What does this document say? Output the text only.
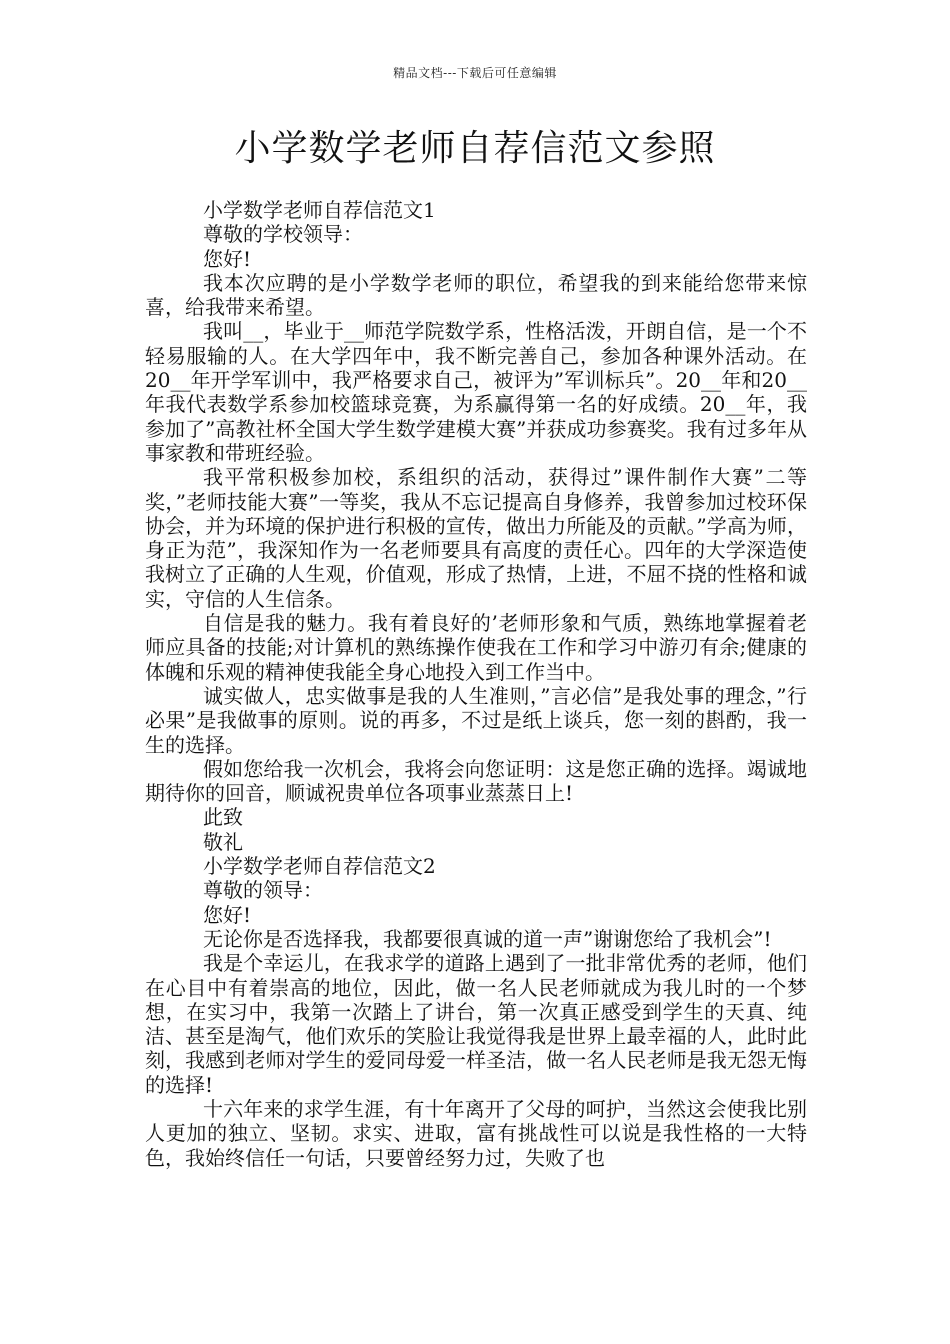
精品文档---下载后可任意编辑
小学数学老师自荐信范文参照

小学数学老师自荐信范文1

尊敬的学校领导：

您好!

我本次应聘的是小学数学老师的职位，希望我的到来能给您带来惊喜，给我带来希望。

我叫__，毕业于__师范学院数学系，性格活泼，开朗自信，是一个不轻易服输的人。在大学四年中，我不断完善自己，参加各种课外活动。在20__年开学军训中，我严格要求自己，被评为”军训标兵”。20__年和20__年我代表数学系参加校篮球竞赛，为系赢得第一名的好成绩。20__年，我参加了”高教社杯全国大学生数学建模大赛”并获成功参赛奖。我有过多年从事家教和带班经验。

我平常积极参加校，系组织的活动，获得过”课件制作大赛”二等奖，”老师技能大赛”一等奖，我从不忘记提高自身修养，我曾参加过校环保协会，并为环境的保护进行积极的宣传，做出力所能及的贡献。”学高为师，身正为范”，我深知作为一名老师要具有高度的责任心。四年的大学深造使我树立了正确的人生观，价值观，形成了热情，上进，不屈不挠的性格和诚实，守信的人生信条。

自信是我的魅力。我有着良好的’老师形象和气质，熟练地掌握着老师应具备的技能;对计算机的熟练操作使我在工作和学习中游刃有余;健康的体魄和乐观的精神使我能全身心地投入到工作当中。

诚实做人，忠实做事是我的人生准则，”言必信”是我处事的理念，”行必果”是我做事的原则。说的再多，不过是纸上谈兵，您一刻的斟酌，我一生的选择。

假如您给我一次机会，我将会向您证明：这是您正确的选择。竭诚地期待你的回音，顺诚祝贵单位各项事业蒸蒸日上!

此致

敬礼

小学数学老师自荐信范文2

尊敬的领导：

您好!

无论你是否选择我，我都要很真诚的道一声”谢谢您给了我机会”!

我是个幸运儿，在我求学的道路上遇到了一批非常优秀的老师，他们在心目中有着崇高的地位，因此，做一名人民老师就成为我儿时的一个梦想，在实习中，我第一次踏上了讲台，第一次真正感受到学生的天真、纯洁、甚至是淘气，他们欢乐的笑脸让我觉得我是世界上最幸福的人，此时此刻，我感到老师对学生的爱同母爱一样圣洁，做一名人民老师是我无怨无悔的选择!

十六年来的求学生涯，有十年离开了父母的呵护，当然这会使我比别人更加的独立、坚韧。求实、进取，富有挑战性可以说是我性格的一大特色，我始终信任一句话，只要曾经努力过，失败了也
